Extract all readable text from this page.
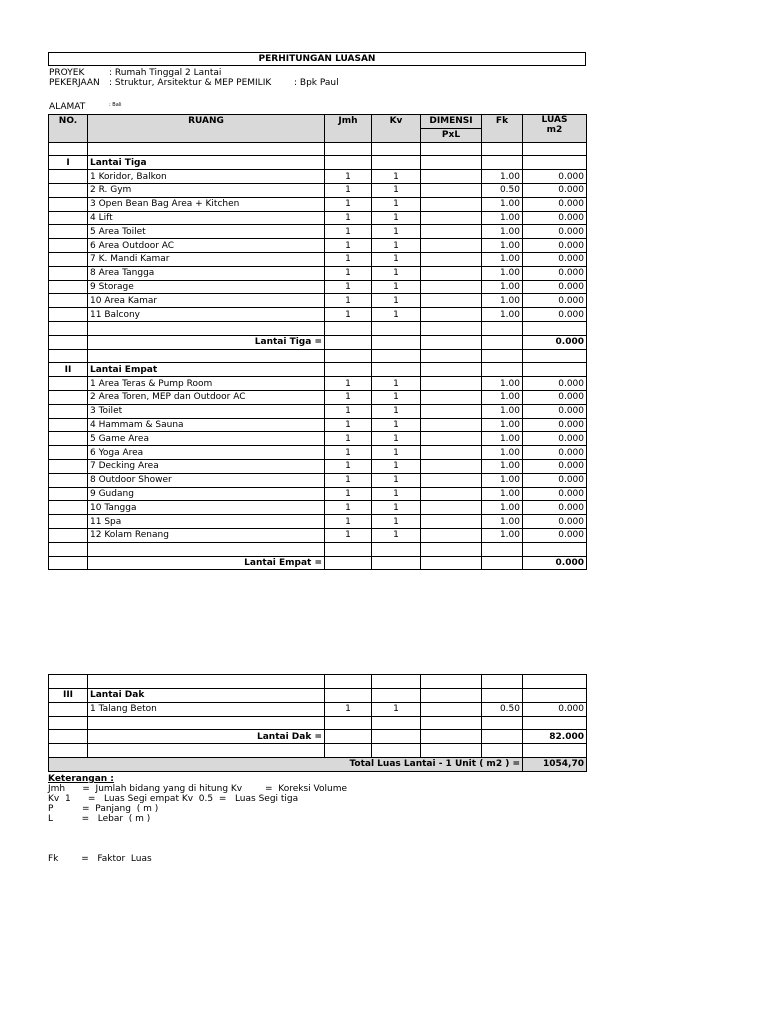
PERHITUNGAN LUASAN
PROYEK	: Rumah Tinggal 2 Lantai
PEKERJAAN : Struktur, Arsitektur & MEP PEMILIK	: Bpk Paul
ALAMAT	: Bali
NO.	RUANG	Jmh	Kv	DIMENSI	Fk	LUAS
m2

				PxL		

I	Lantai Tiga					
	1 Koridor, Balkon	1	1		1.00	0.000
	2 R. Gym	1	1		0.50	0.000
	3 Open Bean Bag Area + Kitchen	1	1		1.00	0.000
	4 Lift	1	1		1.00	0.000
	5 Area Toilet	1	1		1.00	0.000
	6 Area Outdoor AC	1	1		1.00	0.000
	7 K. Mandi Kamar	1	1		1.00	0.000
	8 Area Tangga	1	1		1.00	0.000
	9 Storage	1	1		1.00	0.000
	10 Area Kamar	1	1		1.00	0.000
	11 Balcony	1	1		1.00	0.000

	Lantai Tiga =					0.000

II	Lantai Empat					
	1 Area Teras & Pump Room	1	1		1.00	0.000
	2 Area Toren, MEP dan Outdoor AC	1	1		1.00	0.000
	3 Toilet	1	1		1.00	0.000
	4 Hammam & Sauna	1	1		1.00	0.000
	5 Game Area	1	1		1.00	0.000
	6 Yoga Area	1	1		1.00	0.000
	7 Decking Area	1	1		1.00	0.000
	8 Outdoor Shower	1	1		1.00	0.000
	9 Gudang	1	1		1.00	0.000
	10 Tangga	1	1		1.00	0.000
	11 Spa	1	1		1.00	0.000
	12 Kolam Renang	1	1		1.00	0.000

	Lantai Empat =					0.000

III	Lantai Dak					
	1 Talang Beton	1	1		0.50	0.000

	Lantai Dak =					82.000

Total Luas Lantai - 1 Unit ( m2 ) =						1054,70
Keterangan :
Jmh      =  Jumlah bidang yang di hitung Kv        =  Koreksi Volume
Kv  1      =   Luas Segi empat Kv  0.5  =   Luas Segi tiga
P          =  Panjang  ( m )
L          =   Lebar  ( m )
Fk        =   Faktor  Luas
